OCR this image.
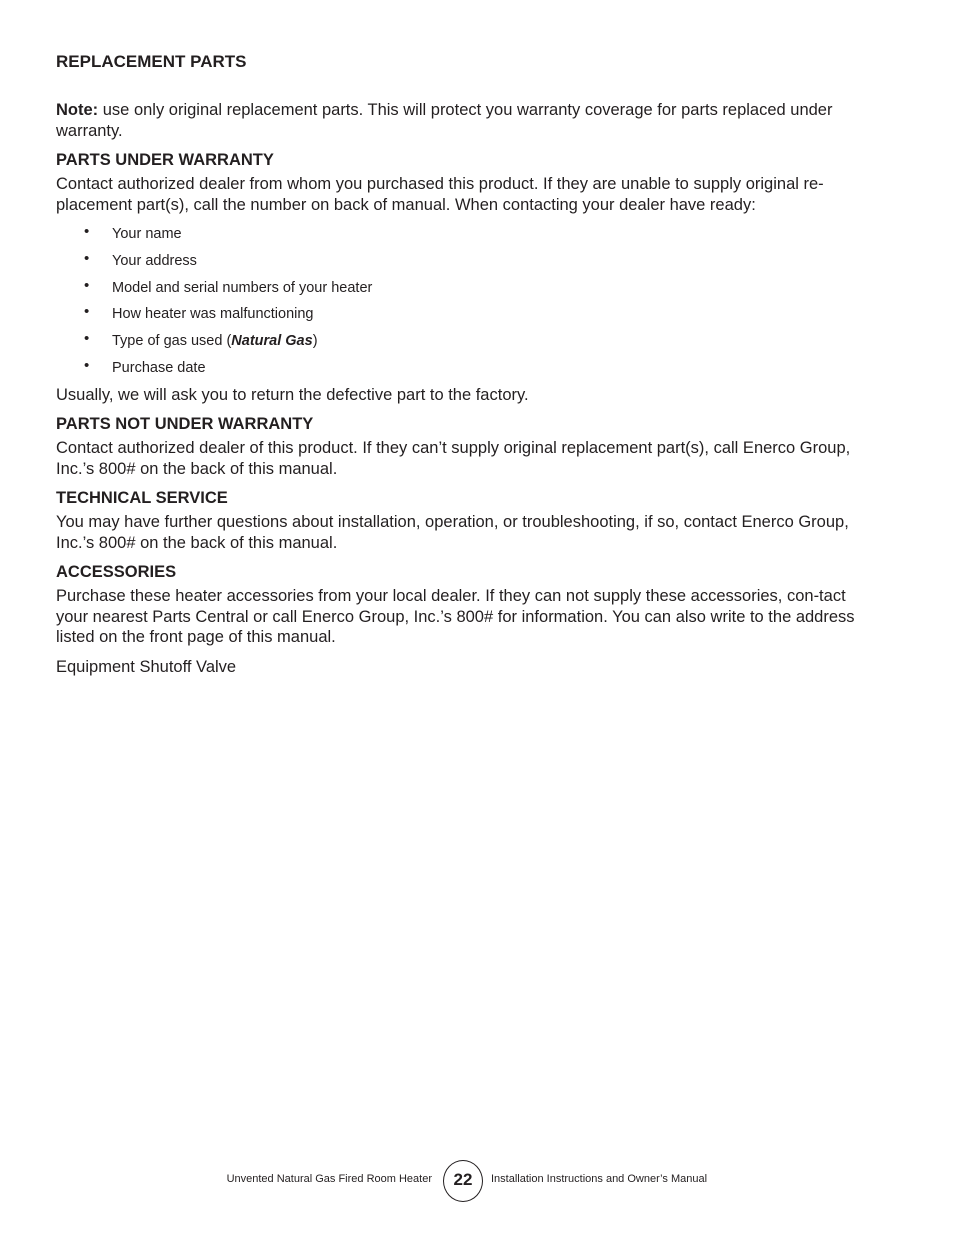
REPLACEMENT PARTS

Note: use only original replacement parts. This will protect you warranty coverage for parts replaced under warranty.

PARTS UNDER WARRANTY

Contact authorized dealer from whom you purchased this product. If they are unable to supply original re-placement part(s), call the number on back of manual. When contacting your dealer have ready:

• Your name
• Your address
• Model and serial numbers of your heater
• How heater was malfunctioning
• Type of gas used (Natural Gas)
• Purchase date

Usually, we will ask you to return the defective part to the factory.

PARTS NOT UNDER WARRANTY

Contact authorized dealer of this product. If they can’t supply original replacement part(s), call Enerco Group, Inc.’s 800# on the back of this manual.

TECHNICAL SERVICE

You may have further questions about installation, operation, or troubleshooting, if so, contact Enerco Group, Inc.’s 800# on the back of this manual.

ACCESSORIES

Purchase these heater accessories from your local dealer. If they can not supply these accessories, con-tact your nearest Parts Central or call Enerco Group, Inc.’s 800# for information. You can also write to the address listed on the front page of this manual.

Equipment Shutoff Valve

Unvented Natural Gas Fired Room Heater	22	Installation Instructions and Owner’s Manual
